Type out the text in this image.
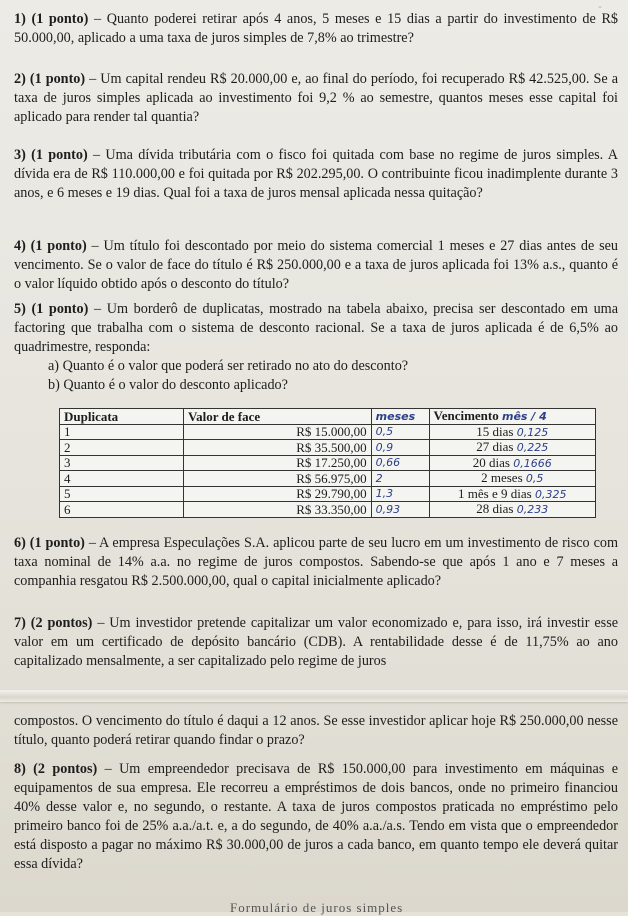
-
1) (1 ponto) – Quanto poderei retirar após 4 anos, 5 meses e 15 dias a partir do investimento de R$ 50.000,00, aplicado a uma taxa de juros simples de 7,8% ao trimestre?
2) (1 ponto) – Um capital rendeu R$ 20.000,00 e, ao final do período, foi recuperado R$ 42.525,00. Se a taxa de juros simples aplicada ao investimento foi 9,2 % ao semestre, quantos meses esse capital foi aplicado para render tal quantia?
3) (1 ponto) – Uma dívida tributária com o fisco foi quitada com base no regime de juros simples. A dívida era de R$ 110.000,00 e foi quitada por R$ 202.295,00. O contribuinte ficou inadimplente durante 3 anos, e 6 meses e 19 dias. Qual foi a taxa de juros mensal aplicada nessa quitação?
4) (1 ponto) – Um título foi descontado por meio do sistema comercial 1 meses e 27 dias antes de seu vencimento. Se o valor de face do título é R$ 250.000,00 e a taxa de juros aplicada foi 13% a.s., quanto é o valor líquido obtido após o desconto do título?
5) (1 ponto) – Um borderô de duplicatas, mostrado na tabela abaixo, precisa ser descontado em uma factoring que trabalha com o sistema de desconto racional. Se a taxa de juros aplicada é de 6,5% ao quadrimestre, responda:
a) Quanto é o valor que poderá ser retirado no ato do desconto?
b) Quanto é o valor do desconto aplicado?
Duplicata	Valor de face	meses	Vencimento mês / 4
1	R$ 15.000,00	0,5	15 dias 0,125
2	R$ 35.500,00	0,9	27 dias 0,225
3	R$ 17.250,00	0,66	20 dias 0,1666
4	R$ 56.975,00	2	2 meses 0,5
5	R$ 29.790,00	1,3	1 mês e 9 dias 0,325
6	R$ 33.350,00	0,93	28 dias 0,233
6) (1 ponto) – A empresa Especulações S.A. aplicou parte de seu lucro em um investimento de risco com taxa nominal de 14% a.a. no regime de juros compostos. Sabendo-se que após 1 ano e 7 meses a companhia resgatou R$ 2.500.000,00, qual o capital inicialmente aplicado?
7) (2 pontos) – Um investidor pretende capitalizar um valor economizado e, para isso, irá investir esse valor em um certificado de depósito bancário (CDB). A rentabilidade desse é de 11,75% ao ano capitalizado mensalmente, a ser capitalizado pelo regime de juros
compostos. O vencimento do título é daqui a 12 anos. Se esse investidor aplicar hoje R$ 250.000,00 nesse título, quanto poderá retirar quando findar o prazo?
8) (2 pontos) – Um empreendedor precisava de R$ 150.000,00 para investimento em máquinas e equipamentos de sua empresa. Ele recorreu a empréstimos de dois bancos, onde no primeiro financiou 40% desse valor e, no segundo, o restante. A taxa de juros compostos praticada no empréstimo pelo primeiro banco foi de 25% a.a./a.t. e, a do segundo, de 40% a.a./a.s. Tendo em vista que o empreendedor está disposto a pagar no máximo R$ 30.000,00 de juros a cada banco, em quanto tempo ele deverá quitar essa dívida?
Formulário de juros simples
